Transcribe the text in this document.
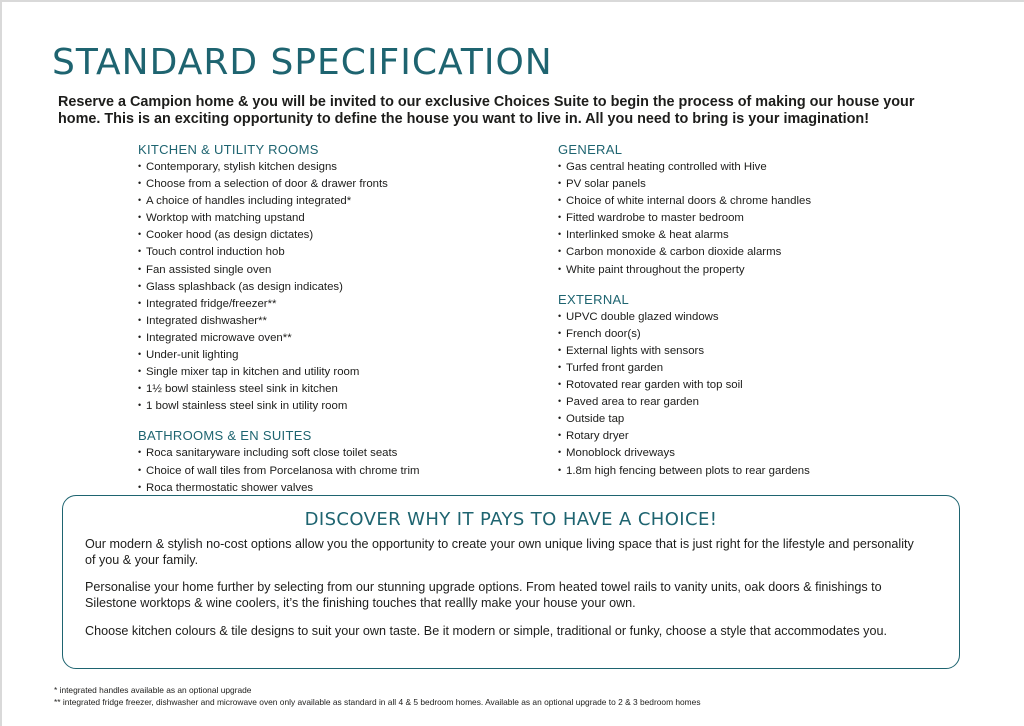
STANDARD SPECIFICATION

Reserve a Campion home & you will be invited to our exclusive Choices Suite to begin the process of making our house your home. This is an exciting opportunity to define the house you want to live in. All you need to bring is your imagination!

KITCHEN & UTILITY ROOMS
• Contemporary, stylish kitchen designs
• Choose from a selection of door & drawer fronts
• A choice of handles including integrated*
• Worktop with matching upstand
• Cooker hood (as design dictates)
• Touch control induction hob
• Fan assisted single oven
• Glass splashback (as design indicates)
• Integrated fridge/freezer**
• Integrated dishwasher**
• Integrated microwave oven**
• Under-unit lighting
• Single mixer tap in kitchen and utility room
• 1½ bowl stainless steel sink in kitchen
• 1 bowl stainless steel sink in utility room
BATHROOMS & EN SUITES
• Roca sanitaryware including soft close toilet seats
• Choice of wall tiles from Porcelanosa with chrome trim
• Roca thermostatic shower valves
GENERAL
• Gas central heating controlled with Hive
• PV solar panels
• Choice of white internal doors & chrome handles
• Fitted wardrobe to master bedroom
• Interlinked smoke & heat alarms
• Carbon monoxide & carbon dioxide alarms
• White paint throughout the property
EXTERNAL
• UPVC double glazed windows
• French door(s)
• External lights with sensors
• Turfed front garden
• Rotovated rear garden with top soil
• Paved area to rear garden
• Outside tap
• Rotary dryer
• Monoblock driveways
• 1.8m high fencing between plots to rear gardens
DISCOVER WHY IT PAYS TO HAVE A CHOICE!

Our modern & stylish no-cost options allow you the opportunity to create your own unique living space that is just right for the lifestyle and personality of you & your family.

Personalise your home further by selecting from our stunning upgrade options. From heated towel rails to vanity units, oak doors & finishings to Silestone worktops & wine coolers, it’s the finishing touches that reallly make your house your own.

Choose kitchen colours & tile designs to suit your own taste. Be it modern or simple, traditional or funky, choose a style that accommodates you.

* integrated handles available as an optional upgrade
** integrated fridge freezer, dishwasher and microwave oven only available as standard in all 4 & 5 bedroom homes. Available as an optional upgrade to 2 & 3 bedroom homes
